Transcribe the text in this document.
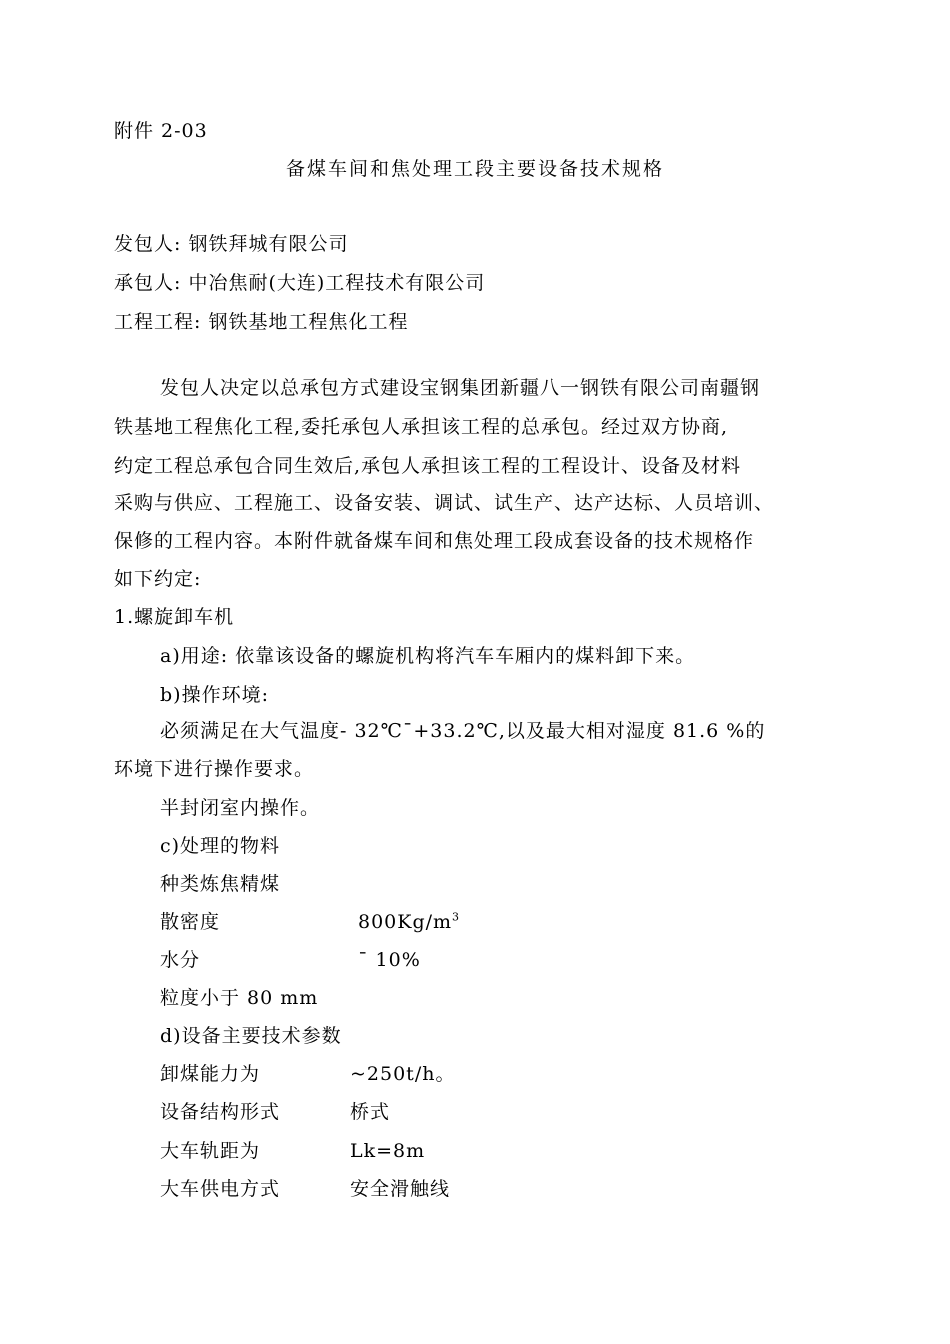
附件 2-03
备煤车间和焦处理工段主要设备技术规格
发包人: 钢铁拜城有限公司
承包人: 中冶焦耐(大连)工程技术有限公司
工程工程: 钢铁基地工程焦化工程
发包人决定以总承包方式建设宝钢集团新疆八一钢铁有限公司南疆钢
铁基地工程焦化工程,委托承包人承担该工程的总承包。经过双方协商,
约定工程总承包合同生效后,承包人承担该工程的工程设计、设备及材料
采购与供应、工程施工、设备安装、调试、试生产、达产达标、人员培训、
保修的工程内容。本附件就备煤车间和焦处理工段成套设备的技术规格作
如下约定:
1.螺旋卸车机
a)用途: 依靠该设备的螺旋机构将汽车车厢内的煤料卸下来。
b)操作环境:
必须满足在大气温度- 32℃¯+33.2℃,以及最大相对湿度 81.6 %的
环境下进行操作要求。
半封闭室内操作。
c)处理的物料
种类炼焦精煤
散密度	$800Kg/m^3$
水分	¯ 10%
粒度小于 80 mm
d)设备主要技术参数
卸煤能力为	~250t/h。
设备结构形式	桥式
大车轨距为	Lk=8m
大车供电方式	安全滑触线
